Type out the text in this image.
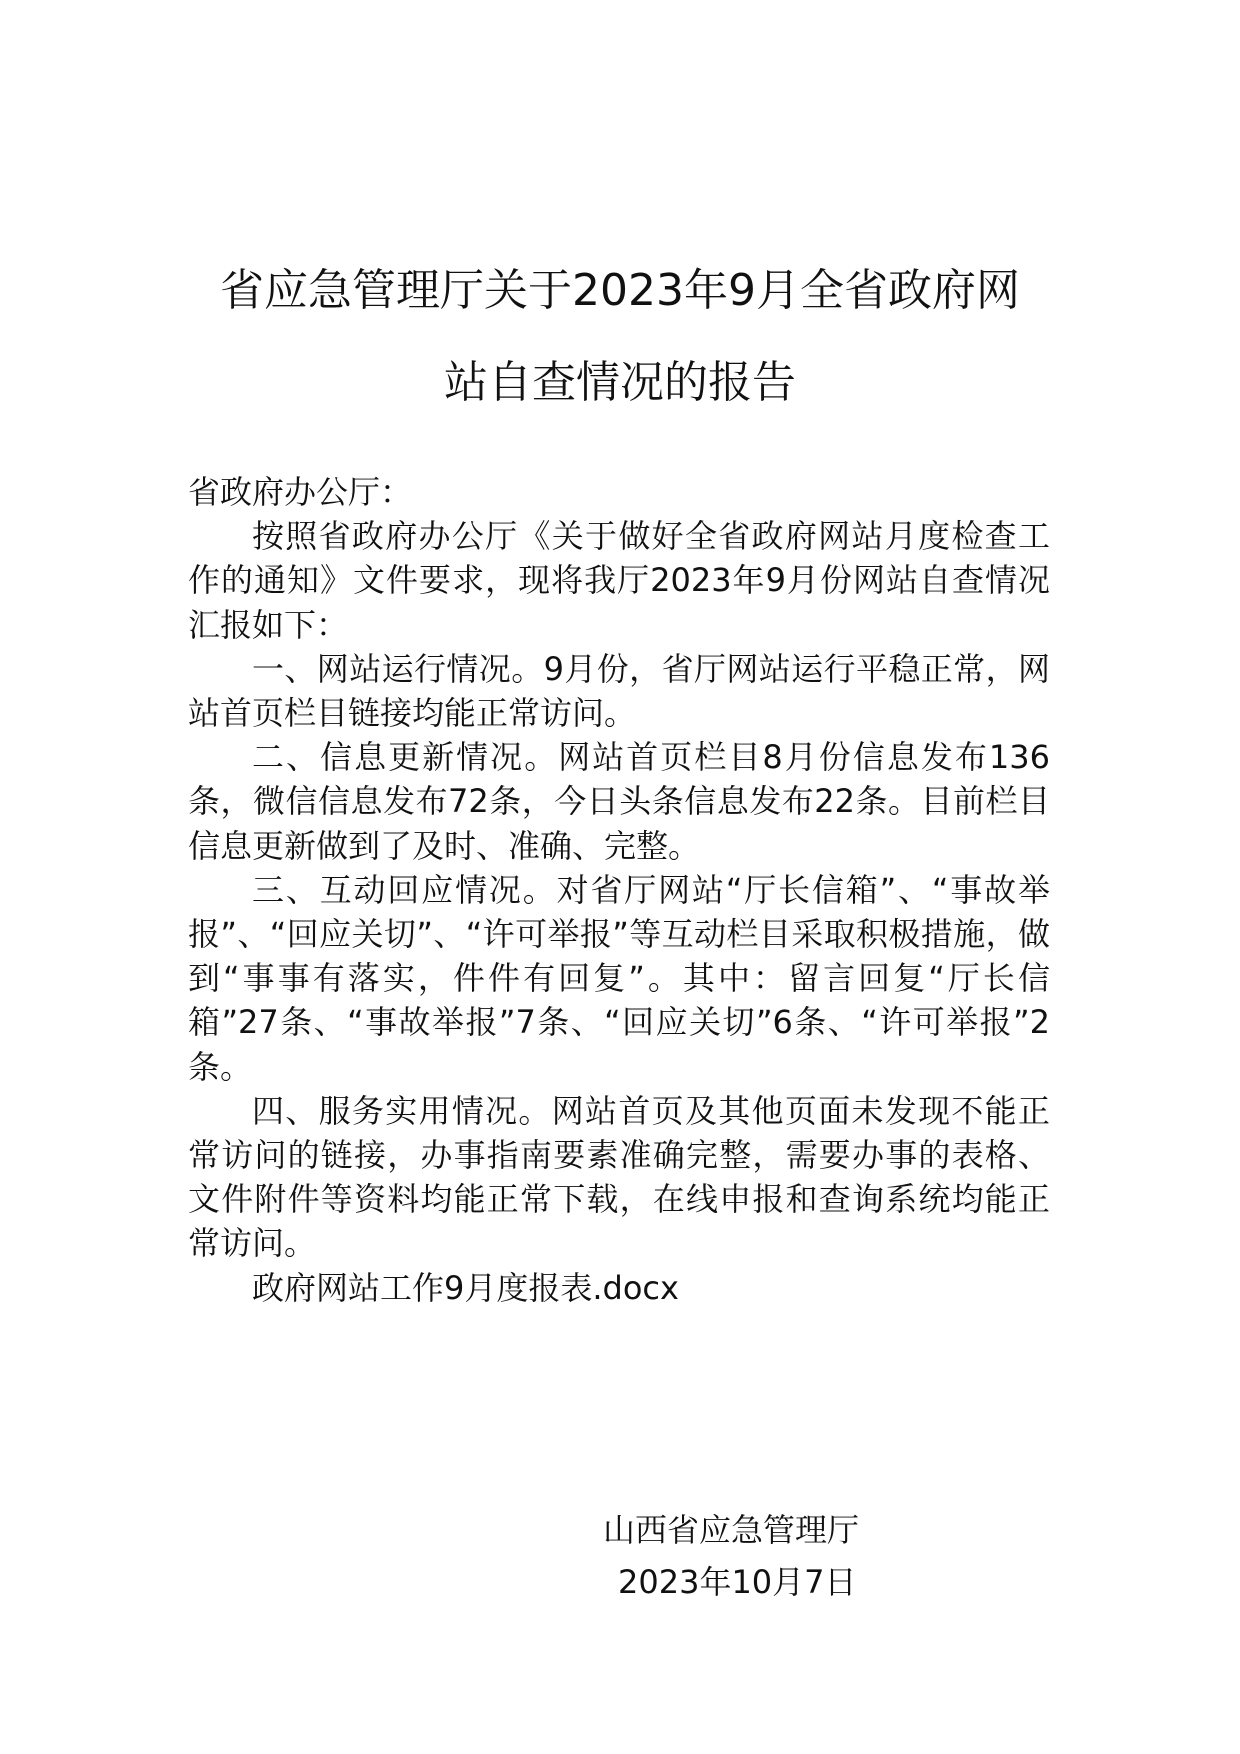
省应急管理厅关于2023年9月全省政府网
站自查情况的报告

省政府办公厅：

按照省政府办公厅《关于做好全省政府网站月度检查工作的通知》文件要求，现将我厅2023年9月份网站自查情况汇报如下：

一、网站运行情况。9月份，省厅网站运行平稳正常，网站首页栏目链接均能正常访问。

二、信息更新情况。网站首页栏目8月份信息发布136条，微信信息发布72条，今日头条信息发布22条。目前栏目信息更新做到了及时、准确、完整。

三、互动回应情况。对省厅网站“厅长信箱”、“事故举报”、“回应关切”、“许可举报”等互动栏目采取积极措施，做到“事事有落实，件件有回复”。其中：留言回复“厅长信箱”27条、“事故举报”7条、“回应关切”6条、“许可举报”2条。

四、服务实用情况。网站首页及其他页面未发现不能正常访问的链接，办事指南要素准确完整，需要办事的表格、文件附件等资料均能正常下载，在线申报和查询系统均能正常访问。

政府网站工作9月度报表.docx

山西省应急管理厅
2023年10月7日
